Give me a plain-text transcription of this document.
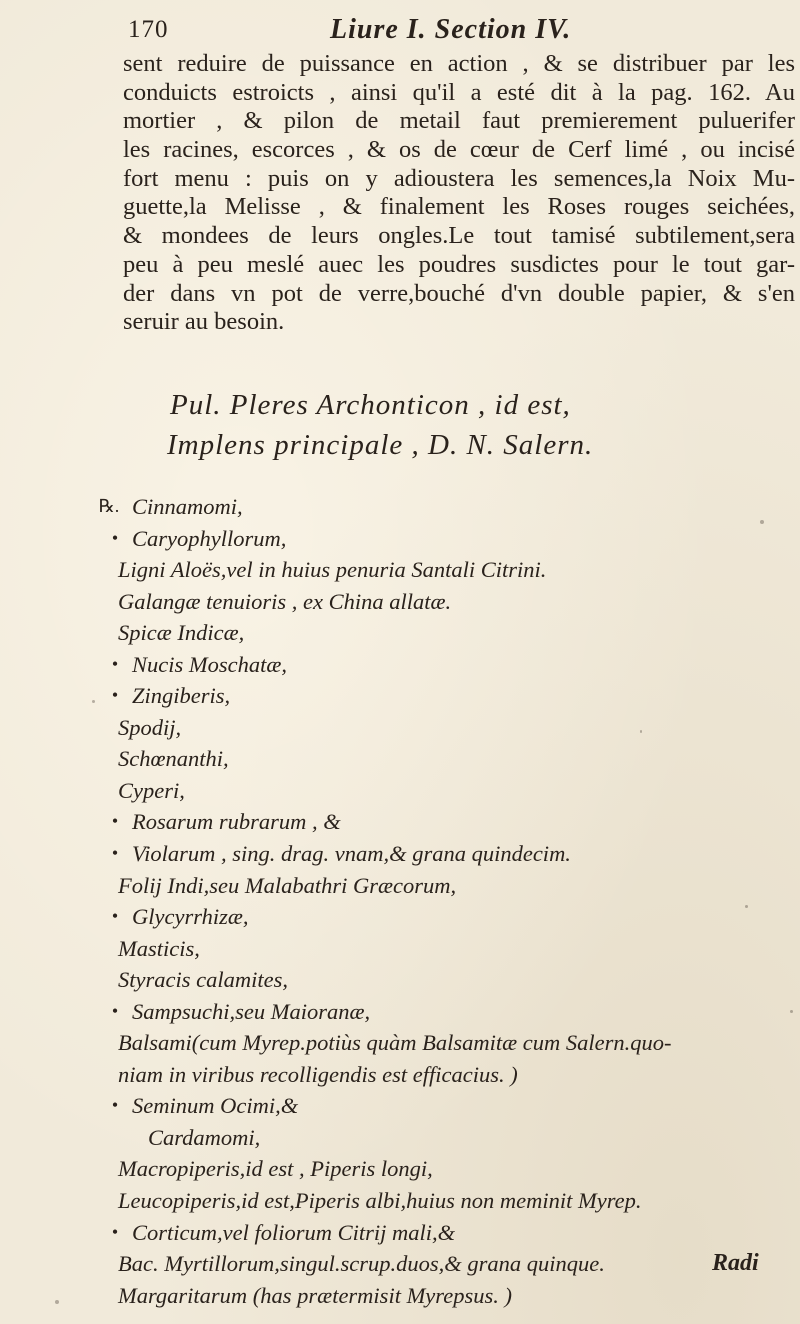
170	Liure I. Section IV.
sent reduire de puissance en action , & se distribuer par les
conduicts estroicts , ainsi qu'il a esté dit à la pag. 162. Au
mortier , & pilon de metail faut premierement puluerifer
les racines, escorces , & os de cœur de Cerf limé , ou incisé
fort menu : puis on y adioustera les semences,la Noix Mu-
guette,la Melisse , & finalement les Roses rouges seichées,
& mondees de leurs ongles.Le tout tamisé subtilement,sera
peu à peu meslé auec les poudres susdictes pour le tout gar-
der dans vn pot de verre,bouché d'vn double papier, & s'en
seruir au besoin.
Pul. Pleres Archonticon , id est,
Implens principale , D. N. Salern.
℞. Cinnamomi,
• Caryophyllorum,
Ligni Aloës,vel in huius penuria Santali Citrini.
Galangæ tenuioris , ex China allatæ.
Spicæ Indicæ,
• Nucis Moschatæ,
• Zingiberis,
Spodij,
Schœnanthi,
Cyperi,
• Rosarum rubrarum , &
• Violarum , sing. drag. vnam,& grana quindecim.
Folij Indi,seu Malabathri Græcorum,
• Glycyrrhizæ,
Masticis,
Styracis calamites,
• Sampsuchi,seu Maioranæ,
Balsami(cum Myrep.potiùs quàm Balsamitæ cum Salern.quo-
niam in viribus recolligendis est efficacius. )
• Seminum Ocimi,&
Cardamomi,
Macropiperis,id est , Piperis longi,
Leucopiperis,id est,Piperis albi,huius non meminit Myrep.
• Corticum,vel foliorum Citrij mali,&
Bac. Myrtillorum,singul.scrup.duos,& grana quinque.
Margaritarum (has prætermisit Myrepsus. )
Radi
